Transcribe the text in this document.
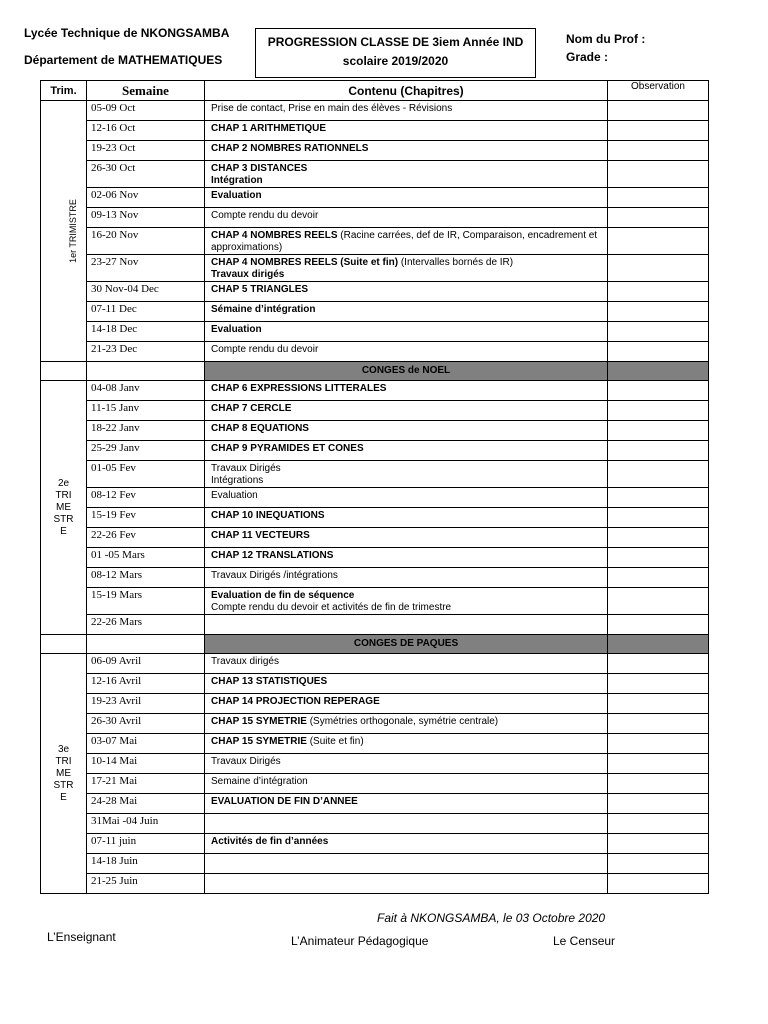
Lycée Technique de NKONGSAMBA
Département de MATHEMATIQUES
PROGRESSION CLASSE DE 3iem Année IND
scolaire 2019/2020
Nom du Prof :
Grade :
Trim.	Semaine	Contenu (Chapitres)	Observation
1er TRIMISTRE	05-09 Oct	Prise de contact, Prise en main des élèves - Révisions	

	12-16 Oct	CHAP 1 ARITHMETIQUE	

	19-23 Oct	CHAP 2 NOMBRES RATIONNELS	

	26-30 Oct	CHAP 3 DISTANCES
Intégration	

	02-06 Nov	Evaluation	

	09-13 Nov	Compte rendu du devoir	

	16-20 Nov	CHAP 4 NOMBRES REELS (Racine carrées, def de IR, Comparaison, encadrement et approximations)	

	23-27 Nov	CHAP 4 NOMBRES REELS (Suite et fin) (Intervalles bornés de IR)
Travaux dirigés	

	30 Nov-04 Dec	CHAP 5 TRIANGLES	

	07-11 Dec	Sémaine d’intégration	

	14-18 Dec	Evaluation	

	21-23 Dec	Compte rendu du devoir	

		CONGES de NOEL	
2e
TRI
ME
STR
E	04-08 Janv	CHAP 6 EXPRESSIONS LITTERALES	

	11-15 Janv	CHAP 7 CERCLE	

	18-22 Janv	CHAP 8 EQUATIONS	

	25-29 Janv	CHAP 9 PYRAMIDES ET CONES	

	01-05 Fev	Travaux Dirigés
Intégrations	

	08-12 Fev	Evaluation	

	15-19 Fev	CHAP 10 INEQUATIONS	

	22-26 Fev	CHAP 11 VECTEURS	

	01 -05 Mars	CHAP 12 TRANSLATIONS	

	08-12 Mars	Travaux Dirigés /intégrations	

	15-19 Mars	Evaluation de fin de séquence
Compte rendu du devoir et activités de fin de trimestre	

	22-26 Mars		
		CONGES DE PAQUES	
3e
TRI
ME
STR
E	06-09 Avril	Travaux dirigés	

	12-16 Avril	CHAP 13 STATISTIQUES	

	19-23 Avril	CHAP 14 PROJECTION REPERAGE	

	26-30 Avril	CHAP 15 SYMETRIE (Symétries orthogonale, symétrie centrale)	

	03-07 Mai	CHAP 15 SYMETRIE (Suite et fin)	

	10-14 Mai	Travaux Dirigés	

	17-21 Mai	Semaine d’intégration	

	24-28 Mai	EVALUATION DE FIN D’ANNEE	

	31Mai -04 Juin		
	07-11 juin	Activités de fin d’années	

	14-18 Juin		
	21-25 Juin		
Fait à NKONGSAMBA, le 03 Octobre 2020
L’Enseignant	L’Animateur Pédagogique	Le Censeur
